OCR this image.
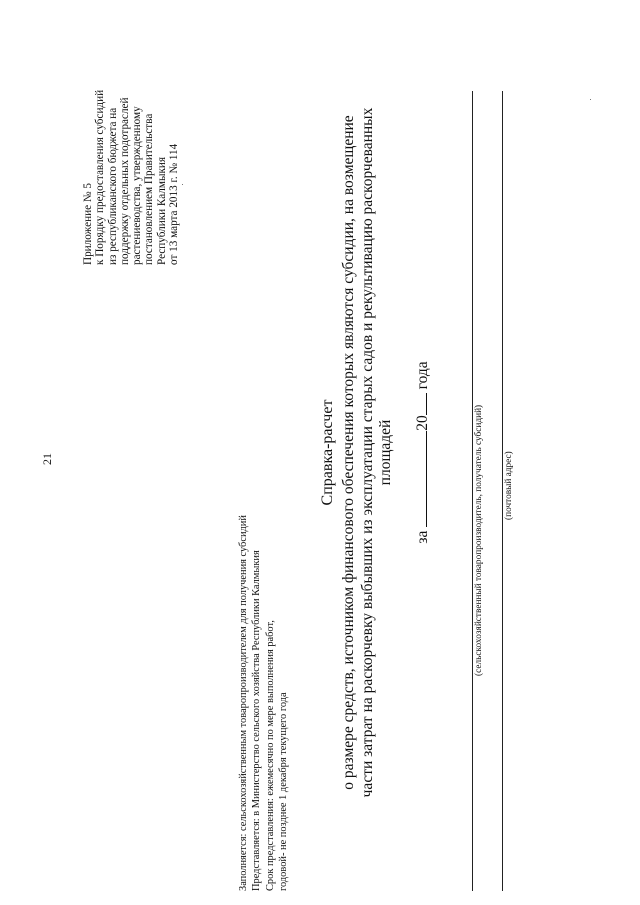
21
Приложение № 5 к Порядку предоставления субсидий из республиканского бюджета на поддержку отдельных подотраслей растениеводства, утвержденному постановлением Правительства Республики Калмыкия от 13 марта 2013 г. № 114
Заполняется: сельскохозяйственным товаропроизводителем для получения субсидий Представляется: в Министерство сельского хозяйства Республики Калмыкия Срок представления: ежемесячно по мере выполнения работ, годовой- не позднее 1 декабря текущего года
Справка-расчет о размере средств, источником финансового обеспечения которых являются субсидии, на возмещение части затрат на раскорчевку выбывших из эксплуатации старых садов и рекультивацию раскорчеванных площадей
за 20 года
(сельскохозяйственный товаропроизводитель, получатель субсидий) (почтовый адрес)
